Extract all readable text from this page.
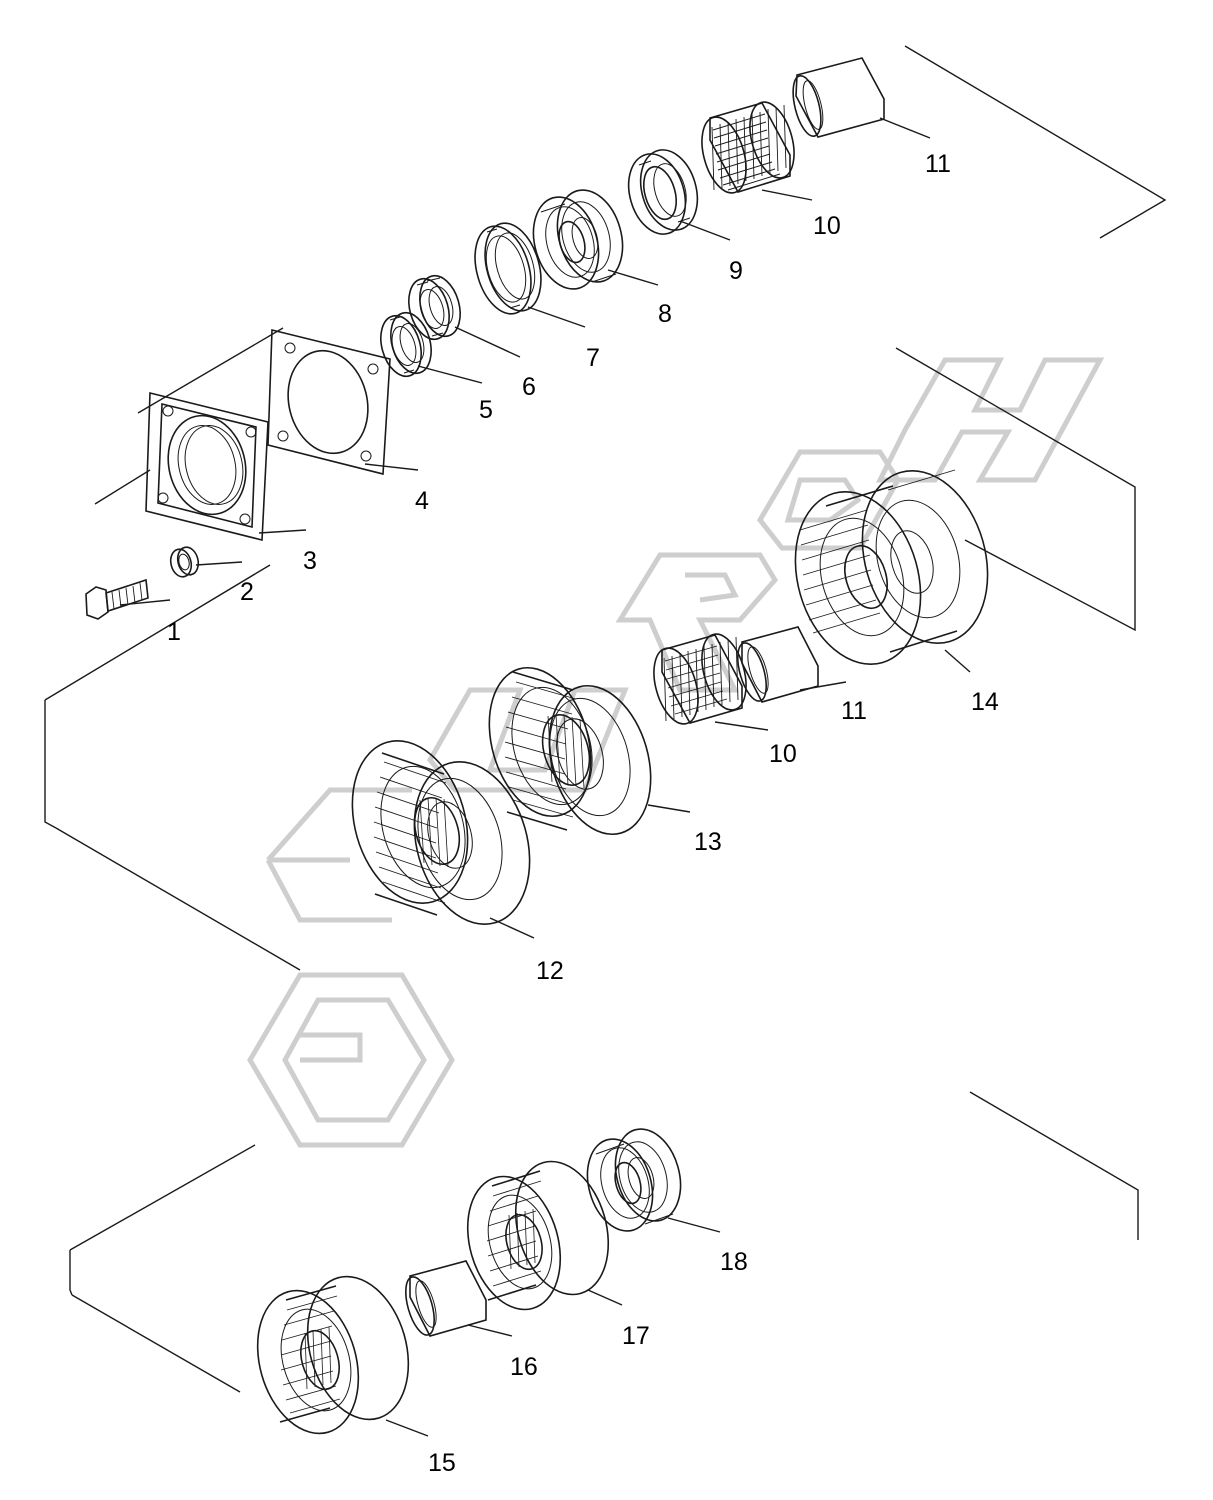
1
2
3
4
5
6
7
8
9
10
11
10
11
12
13
14
15
16
17
18
